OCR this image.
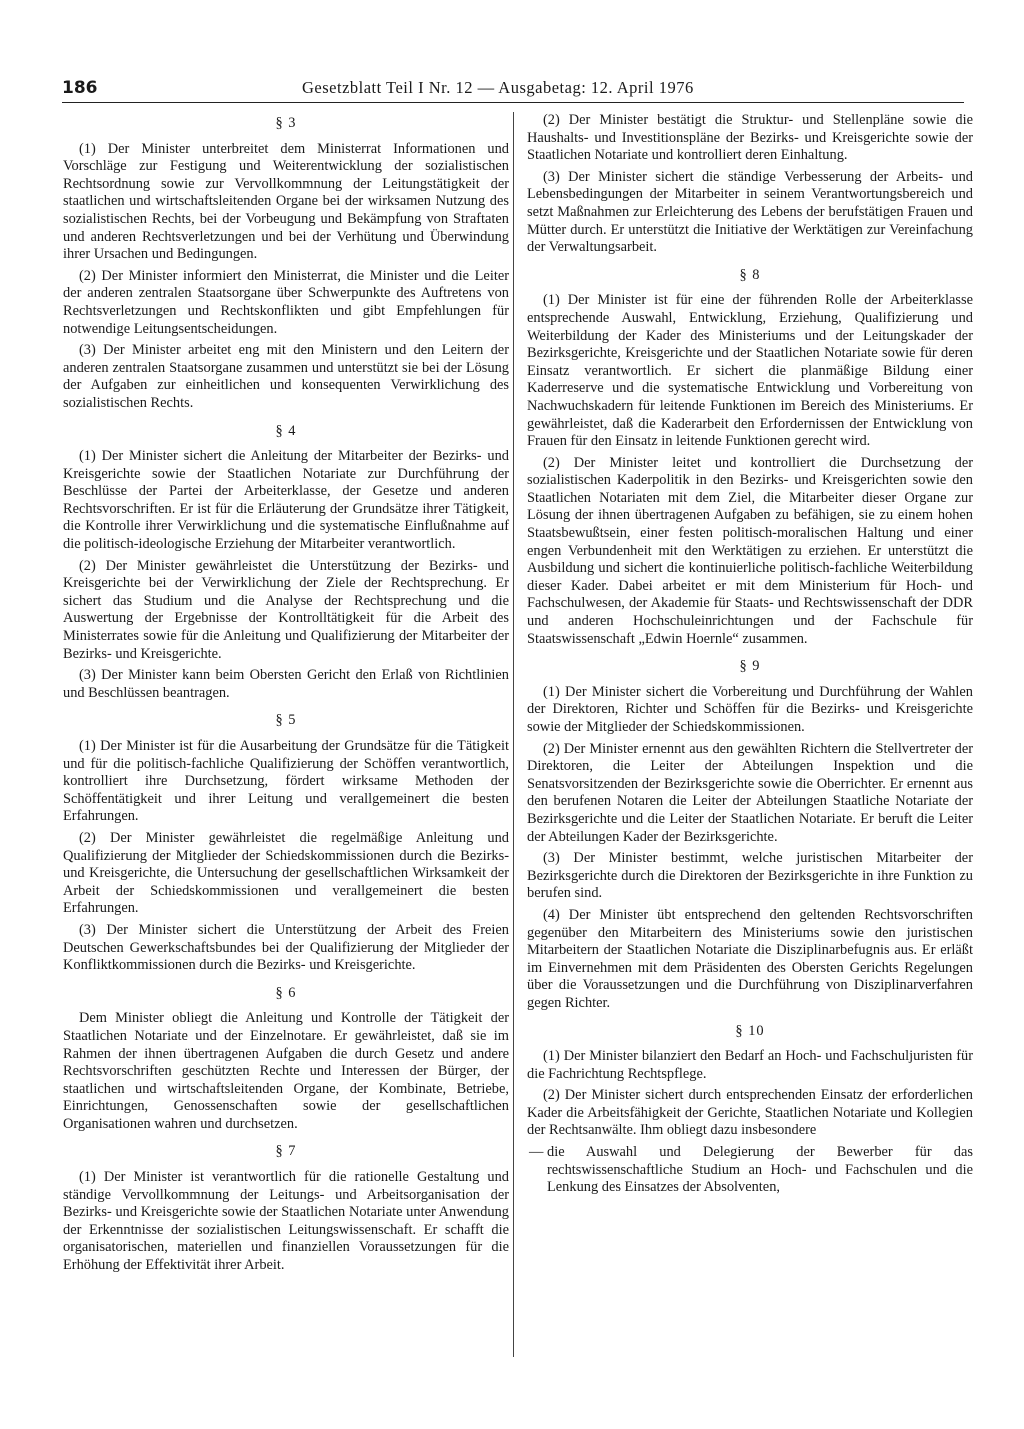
186	Gesetzblatt Teil I Nr. 12 — Ausgabetag: 12. April 1976
§ 3

(1) Der Minister unterbreitet dem Ministerrat Informationen und Vorschläge zur Festigung und Weiterentwicklung der sozialistischen Rechtsordnung sowie zur Vervollkommnung der Leitungstätigkeit der staatlichen und wirtschaftsleitenden Organe bei der wirksamen Nutzung des sozialistischen Rechts, bei der Vorbeugung und Bekämpfung von Straftaten und anderen Rechtsverletzungen und bei der Verhütung und Überwindung ihrer Ursachen und Bedingungen.

(2) Der Minister informiert den Ministerrat, die Minister und die Leiter der anderen zentralen Staatsorgane über Schwerpunkte des Auftretens von Rechtsverletzungen und Rechtskonflikten und gibt Empfehlungen für notwendige Leitungsentscheidungen.

(3) Der Minister arbeitet eng mit den Ministern und den Leitern der anderen zentralen Staatsorgane zusammen und unterstützt sie bei der Lösung der Aufgaben zur einheitlichen und konsequenten Verwirklichung des sozialistischen Rechts.

§ 4

(1) Der Minister sichert die Anleitung der Mitarbeiter der Bezirks- und Kreisgerichte sowie der Staatlichen Notariate zur Durchführung der Beschlüsse der Partei der Arbeiterklasse, der Gesetze und anderen Rechtsvorschriften. Er ist für die Erläuterung der Grundsätze ihrer Tätigkeit, die Kontrolle ihrer Verwirklichung und die systematische Einflußnahme auf die politisch-ideologische Erziehung der Mitarbeiter verantwortlich.

(2) Der Minister gewährleistet die Unterstützung der Bezirks- und Kreisgerichte bei der Verwirklichung der Ziele der Rechtsprechung. Er sichert das Studium und die Analyse der Rechtsprechung und die Auswertung der Ergebnisse der Kontrolltätigkeit für die Arbeit des Ministerrates sowie für die Anleitung und Qualifizierung der Mitarbeiter der Bezirks- und Kreisgerichte.

(3) Der Minister kann beim Obersten Gericht den Erlaß von Richtlinien und Beschlüssen beantragen.

§ 5

(1) Der Minister ist für die Ausarbeitung der Grundsätze für die Tätigkeit und für die politisch-fachliche Qualifizierung der Schöffen verantwortlich, kontrolliert ihre Durchsetzung, fördert wirksame Methoden der Schöffentätigkeit und ihrer Leitung und verallgemeinert die besten Erfahrungen.

(2) Der Minister gewährleistet die regelmäßige Anleitung und Qualifizierung der Mitglieder der Schiedskommissionen durch die Bezirks- und Kreisgerichte, die Untersuchung der gesellschaftlichen Wirksamkeit der Arbeit der Schiedskommissionen und verallgemeinert die besten Erfahrungen.

(3) Der Minister sichert die Unterstützung der Arbeit des Freien Deutschen Gewerkschaftsbundes bei der Qualifizierung der Mitglieder der Konfliktkommissionen durch die Bezirks- und Kreisgerichte.

§ 6

Dem Minister obliegt die Anleitung und Kontrolle der Tätigkeit der Staatlichen Notariate und der Einzelnotare. Er gewährleistet, daß sie im Rahmen der ihnen übertragenen Aufgaben die durch Gesetz und andere Rechtsvorschriften geschützten Rechte und Interessen der Bürger, der staatlichen und wirtschaftsleitenden Organe, der Kombinate, Betriebe, Einrichtungen, Genossenschaften sowie der gesellschaftlichen Organisationen wahren und durchsetzen.

§ 7

(1) Der Minister ist verantwortlich für die rationelle Gestaltung und ständige Vervollkommnung der Leitungs- und Arbeitsorganisation der Bezirks- und Kreisgerichte sowie der Staatlichen Notariate unter Anwendung der Erkenntnisse der sozialistischen Leitungswissenschaft. Er schafft die organisatorischen, materiellen und finanziellen Voraussetzungen für die Erhöhung der Effektivität ihrer Arbeit.

(2) Der Minister bestätigt die Struktur- und Stellenpläne sowie die Haushalts- und Investitionspläne der Bezirks- und Kreisgerichte sowie der Staatlichen Notariate und kontrolliert deren Einhaltung.

(3) Der Minister sichert die ständige Verbesserung der Arbeits- und Lebensbedingungen der Mitarbeiter in seinem Verantwortungsbereich und setzt Maßnahmen zur Erleichterung des Lebens der berufstätigen Frauen und Mütter durch. Er unterstützt die Initiative der Werktätigen zur Vereinfachung der Verwaltungsarbeit.

§ 8

(1) Der Minister ist für eine der führenden Rolle der Arbeiterklasse entsprechende Auswahl, Entwicklung, Erziehung, Qualifizierung und Weiterbildung der Kader des Ministeriums und der Leitungskader der Bezirksgerichte, Kreisgerichte und der Staatlichen Notariate sowie für deren Einsatz verantwortlich. Er sichert die planmäßige Bildung einer Kaderreserve und die systematische Entwicklung und Vorbereitung von Nachwuchskadern für leitende Funktionen im Bereich des Ministeriums. Er gewährleistet, daß die Kaderarbeit den Erfordernissen der Entwicklung von Frauen für den Einsatz in leitende Funktionen gerecht wird.

(2) Der Minister leitet und kontrolliert die Durchsetzung der sozialistischen Kaderpolitik in den Bezirks- und Kreisgerichten sowie den Staatlichen Notariaten mit dem Ziel, die Mitarbeiter dieser Organe zur Lösung der ihnen übertragenen Aufgaben zu befähigen, sie zu einem hohen Staatsbewußtsein, einer festen politisch-moralischen Haltung und einer engen Verbundenheit mit den Werktätigen zu erziehen. Er unterstützt die Ausbildung und sichert die kontinuierliche politisch-fachliche Weiterbildung dieser Kader. Dabei arbeitet er mit dem Ministerium für Hoch- und Fachschulwesen, der Akademie für Staats- und Rechtswissenschaft der DDR und anderen Hochschuleinrichtungen und der Fachschule für Staatswissenschaft „Edwin Hoernle“ zusammen.

§ 9

(1) Der Minister sichert die Vorbereitung und Durchführung der Wahlen der Direktoren, Richter und Schöffen für die Bezirks- und Kreisgerichte sowie der Mitglieder der Schiedskommissionen.

(2) Der Minister ernennt aus den gewählten Richtern die Stellvertreter der Direktoren, die Leiter der Abteilungen Inspektion und die Senatsvorsitzenden der Bezirksgerichte sowie die Oberrichter. Er ernennt aus den berufenen Notaren die Leiter der Abteilungen Staatliche Notariate der Bezirksgerichte und die Leiter der Staatlichen Notariate. Er beruft die Leiter der Abteilungen Kader der Bezirksgerichte.

(3) Der Minister bestimmt, welche juristischen Mitarbeiter der Bezirksgerichte durch die Direktoren der Bezirksgerichte in ihre Funktion zu berufen sind.

(4) Der Minister übt entsprechend den geltenden Rechtsvorschriften gegenüber den Mitarbeitern des Ministeriums sowie den juristischen Mitarbeitern der Staatlichen Notariate die Disziplinarbefugnis aus. Er erläßt im Einvernehmen mit dem Präsidenten des Obersten Gerichts Regelungen über die Voraussetzungen und die Durchführung von Disziplinarverfahren gegen Richter.

§ 10

(1) Der Minister bilanziert den Bedarf an Hoch- und Fachschuljuristen für die Fachrichtung Rechtspflege.

(2) Der Minister sichert durch entsprechenden Einsatz der erforderlichen Kader die Arbeitsfähigkeit der Gerichte, Staatlichen Notariate und Kollegien der Rechtsanwälte. Ihm obliegt dazu insbesondere

— die Auswahl und Delegierung der Bewerber für das rechtswissenschaftliche Studium an Hoch- und Fachschulen und die Lenkung des Einsatzes der Absolventen,
